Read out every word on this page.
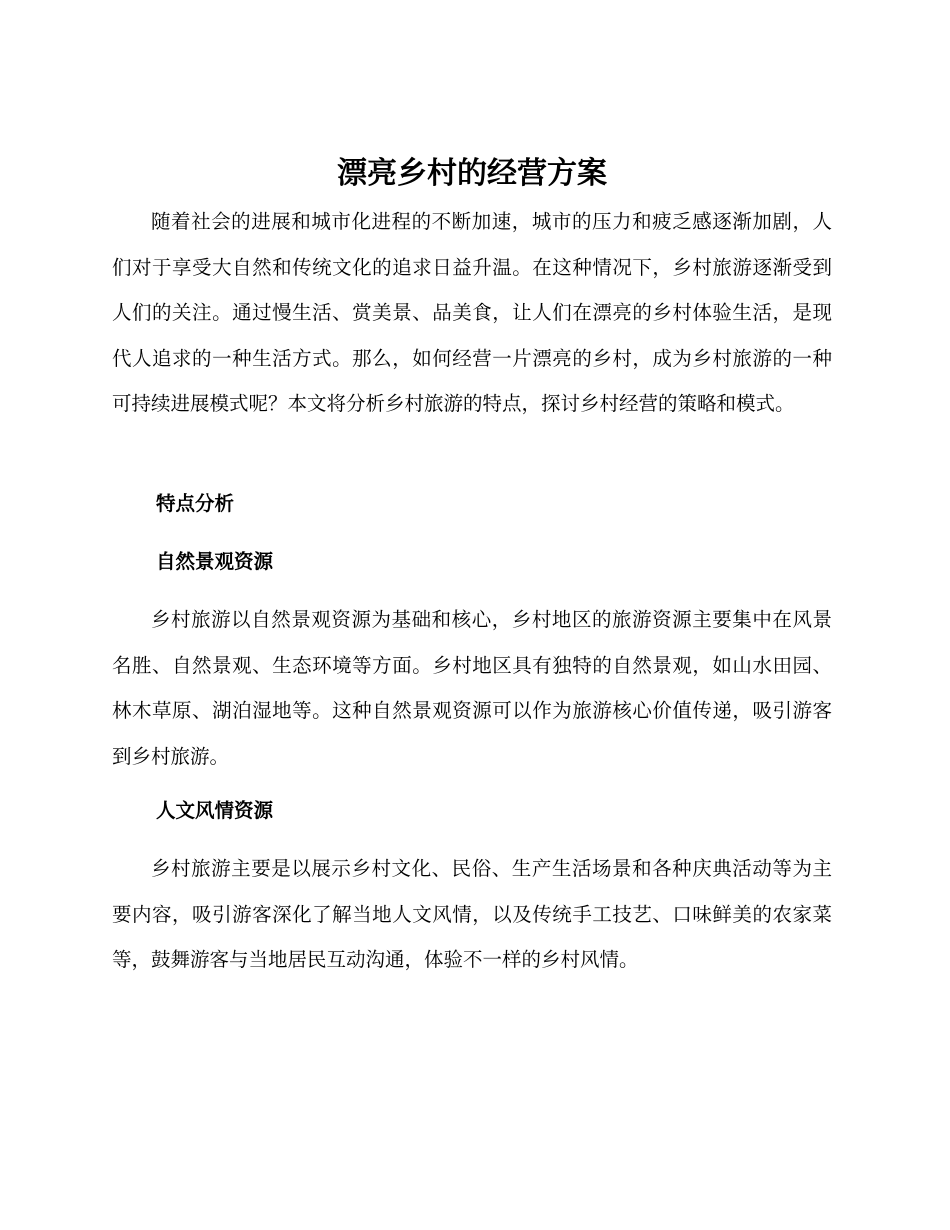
漂亮乡村的经营方案

随着社会的进展和城市化进程的不断加速，城市的压力和疲乏感逐渐加剧，人们对于享受大自然和传统文化的追求日益升温。在这种情况下，乡村旅游逐渐受到人们的关注。通过慢生活、赏美景、品美食，让人们在漂亮的乡村体验生活，是现代人追求的一种生活方式。那么，如何经营一片漂亮的乡村，成为乡村旅游的一种可持续进展模式呢？本文将分析乡村旅游的特点，探讨乡村经营的策略和模式。

特点分析
自然景观资源

乡村旅游以自然景观资源为基础和核心，乡村地区的旅游资源主要集中在风景名胜、自然景观、生态环境等方面。乡村地区具有独特的自然景观，如山水田园、林木草原、湖泊湿地等。这种自然景观资源可以作为旅游核心价值传递，吸引游客到乡村旅游。

人文风情资源

乡村旅游主要是以展示乡村文化、民俗、生产生活场景和各种庆典活动等为主要内容，吸引游客深化了解当地人文风情，以及传统手工技艺、口味鲜美的农家菜等，鼓舞游客与当地居民互动沟通，体验不一样的乡村风情。
